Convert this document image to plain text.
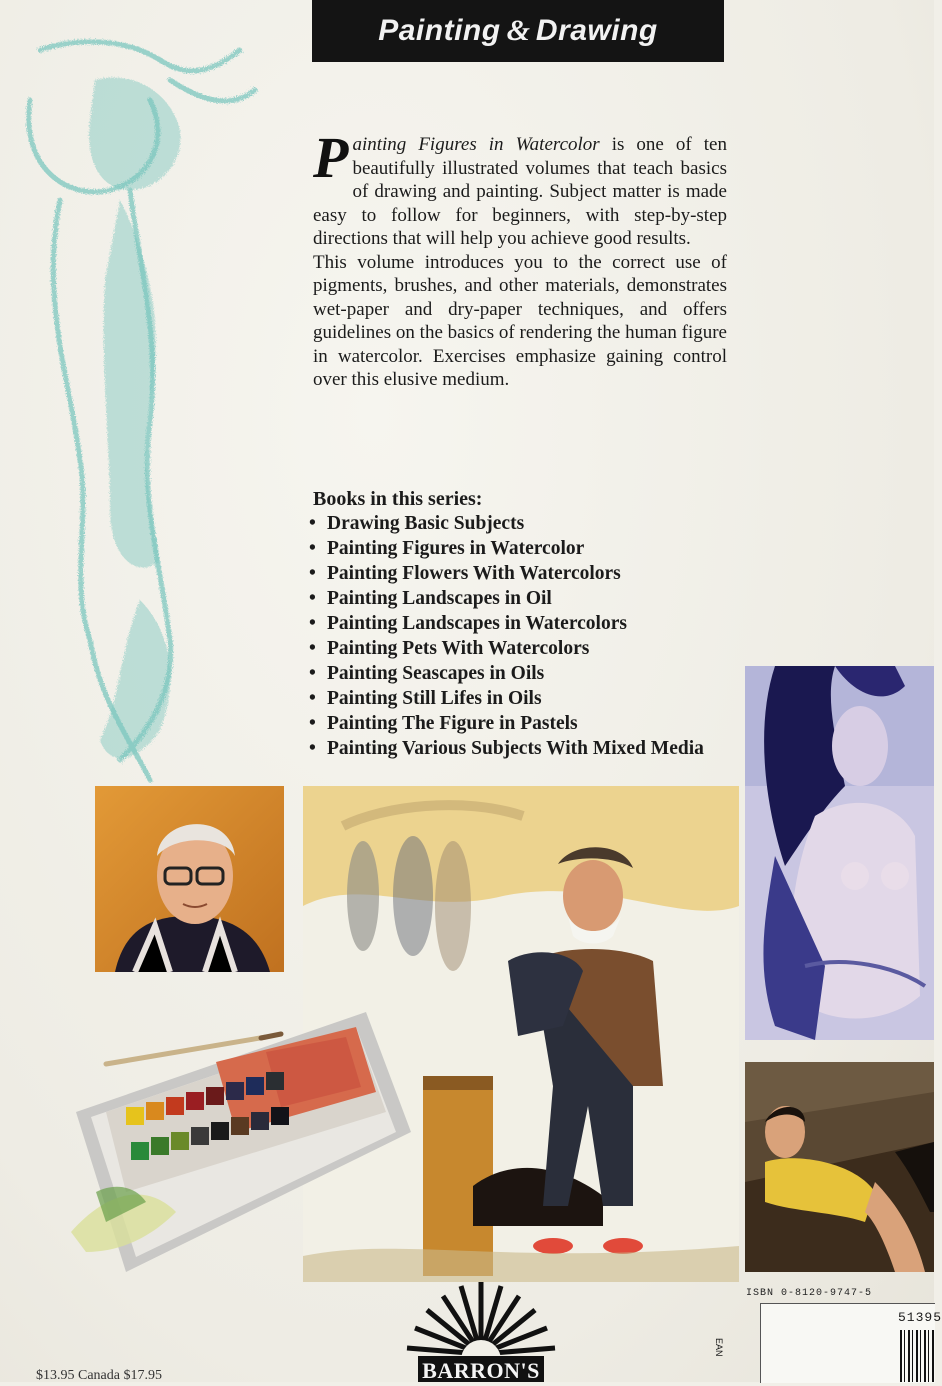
Painting & Drawing

Painting Figures in Watercolor is one of ten beautifully illustrated volumes that teach basics of drawing and painting. Subject matter is made easy to follow for beginners, with step-by-step directions that will help you achieve good results.

This volume introduces you to the correct use of pigments, brushes, and other materials, demonstrates wet-paper and dry-paper techniques, and offers guidelines on the basics of rendering the human figure in watercolor. Exercises emphasize gaining control over this elusive medium.

Books in this series:
• Drawing Basic Subjects
• Painting Figures in Watercolor
• Painting Flowers With Watercolors
• Painting Landscapes in Oil
• Painting Landscapes in Watercolors
• Painting Pets With Watercolors
• Painting Seascapes in Oils
• Painting Still Lifes in Oils
• Painting The Figure in Pastels
• Painting Various Subjects With Mixed Media
BARRON'S
ISBN 0-8120-9747-5
51395
EAN
$13.95 Canada $17.95
